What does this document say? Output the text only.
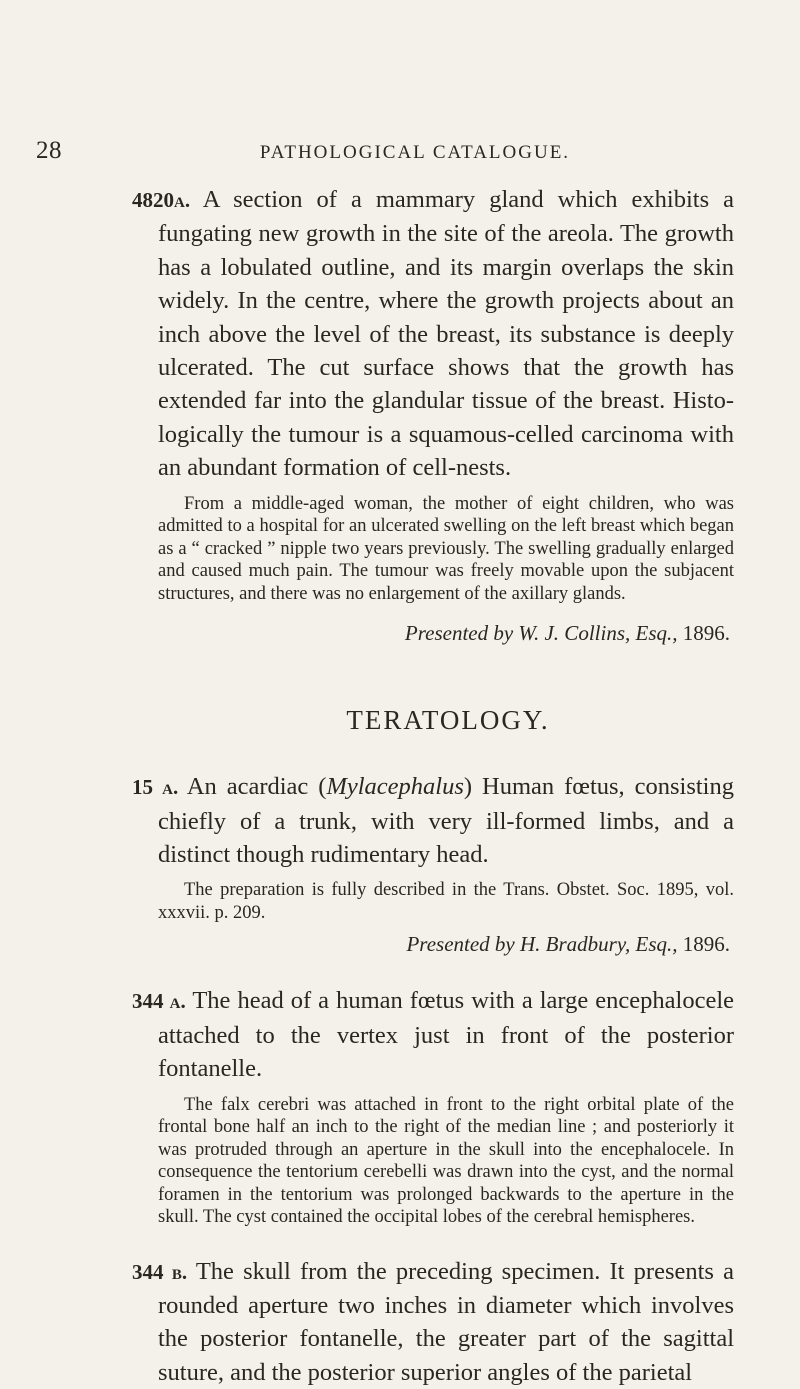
28	PATHOLOGICAL CATALOGUE.

4820a. A section of a mammary gland which exhibits a fungating new growth in the site of the areola. The growth has a lobulated outline, and its margin overlaps the skin widely. In the centre, where the growth projects about an inch above the level of the breast, its substance is deeply ulcerated. The cut surface shows that the growth has extended far into the glandular tissue of the breast. Histo-logically the tumour is a squamous-celled carcinoma with an abundant formation of cell-nests.

From a middle-aged woman, the mother of eight children, who was admitted to a hospital for an ulcerated swelling on the left breast which began as a “ cracked ” nipple two years previously. The swelling gradually enlarged and caused much pain. The tumour was freely movable upon the subjacent structures, and there was no enlargement of the axillary glands.

Presented by W. J. Collins, Esq., 1896.

TERATOLOGY.

15 a. An acardiac (Mylacephalus) Human fœtus, consisting chiefly of a trunk, with very ill-formed limbs, and a distinct though rudimentary head.

The preparation is fully described in the Trans. Obstet. Soc. 1895, vol. xxxvii. p. 209.

Presented by H. Bradbury, Esq., 1896.

344 a. The head of a human fœtus with a large encephalocele attached to the vertex just in front of the posterior fontanelle.

The falx cerebri was attached in front to the right orbital plate of the frontal bone half an inch to the right of the median line ; and posteriorly it was protruded through an aperture in the skull into the encephalocele. In consequence the tentorium cerebelli was drawn into the cyst, and the normal foramen in the tentorium was prolonged backwards to the aperture in the skull. The cyst contained the occipital lobes of the cerebral hemispheres.

344 b. The skull from the preceding specimen. It presents a rounded aperture two inches in diameter which involves the posterior fontanelle, the greater part of the sagittal suture, and the posterior superior angles of the parietal
